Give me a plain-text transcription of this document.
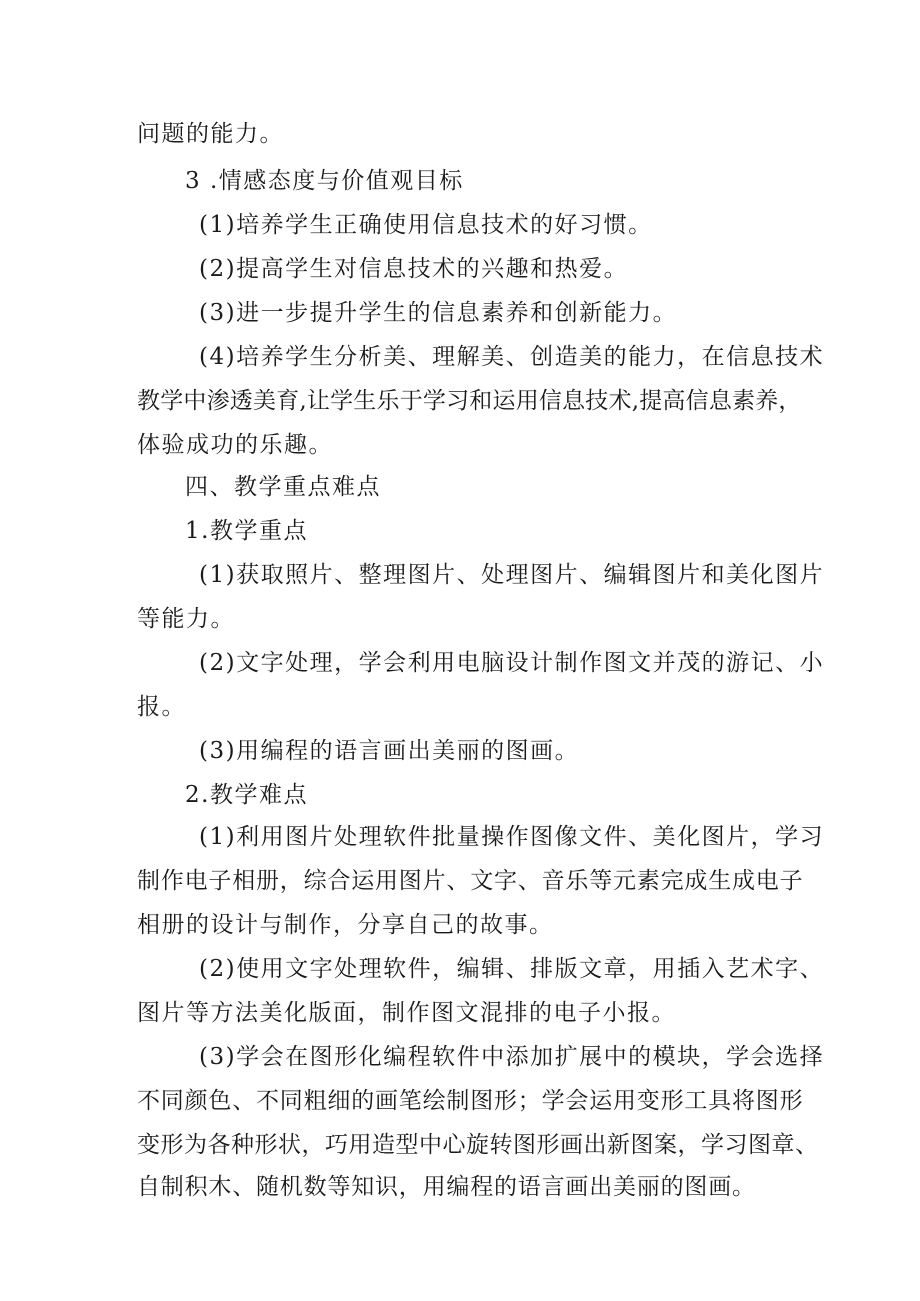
问题的能力。
3 .情感态度与价值观目标
(1)培养学生正确使用信息技术的好习惯。
(2)提高学生对信息技术的兴趣和热爱。
(3)进一步提升学生的信息素养和创新能力。
(4)培养学生分析美、理解美、创造美的能力，在信息技术
教学中渗透美育,让学生乐于学习和运用信息技术,提高信息素养，
体验成功的乐趣。
四、教学重点难点
1.教学重点
(1)获取照片、整理图片、处理图片、编辑图片和美化图片
等能力。
(2)文字处理，学会利用电脑设计制作图文并茂的游记、小
报。
(3)用编程的语言画出美丽的图画。
2.教学难点
(1)利用图片处理软件批量操作图像文件、美化图片，学习
制作电子相册，综合运用图片、文字、音乐等元素完成生成电子
相册的设计与制作，分享自己的故事。
(2)使用文字处理软件，编辑、排版文章，用插入艺术字、
图片等方法美化版面，制作图文混排的电子小报。
(3)学会在图形化编程软件中添加扩展中的模块，学会选择
不同颜色、不同粗细的画笔绘制图形；学会运用变形工具将图形
变形为各种形状，巧用造型中心旋转图形画出新图案，学习图章、
自制积木、随机数等知识，用编程的语言画出美丽的图画。
